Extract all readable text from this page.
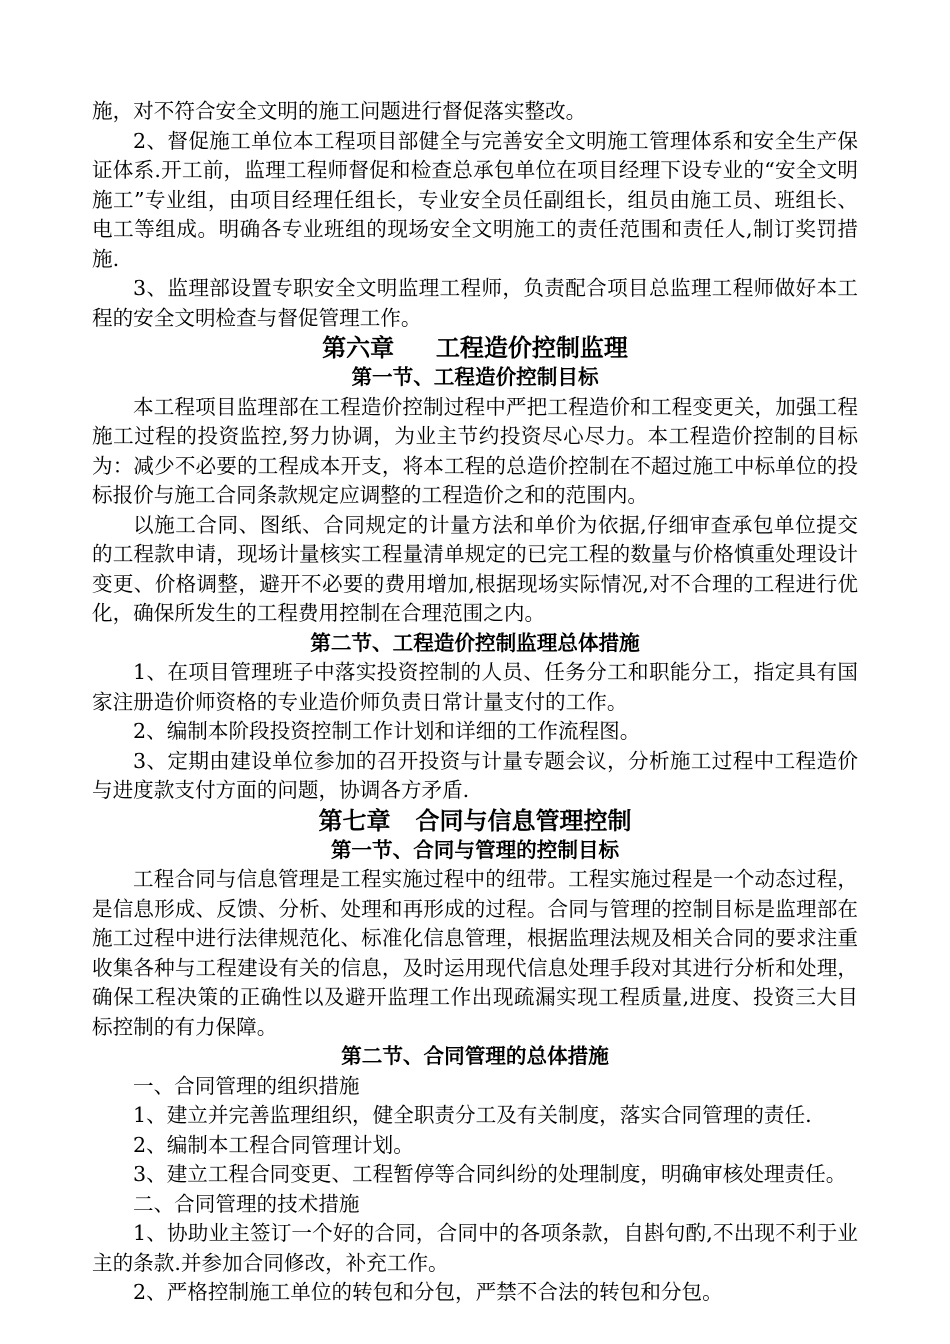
施，对不符合安全文明的施工问题进行督促落实整改。

2、督促施工单位本工程项目部健全与完善安全文明施工管理体系和安全生产保证体系.开工前，监理工程师督促和检查总承包单位在项目经理下设专业的“安全文明施工”专业组，由项目经理任组长，专业安全员任副组长，组员由施工员、班组长、电工等组成。明确各专业班组的现场安全文明施工的责任范围和责任人,制订奖罚措施.

3、监理部设置专职安全文明监理工程师，负责配合项目总监理工程师做好本工程的安全文明检查与督促管理工作。

第六章     工程造价控制监理
第一节、工程造价控制目标

本工程项目监理部在工程造价控制过程中严把工程造价和工程变更关，加强工程施工过程的投资监控,努力协调，为业主节约投资尽心尽力。本工程造价控制的目标为：减少不必要的工程成本开支，将本工程的总造价控制在不超过施工中标单位的投标报价与施工合同条款规定应调整的工程造价之和的范围内。

以施工合同、图纸、合同规定的计量方法和单价为依据,仔细审查承包单位提交的工程款申请，现场计量核实工程量清单规定的已完工程的数量与价格慎重处理设计变更、价格调整，避开不必要的费用增加,根据现场实际情况,对不合理的工程进行优化，确保所发生的工程费用控制在合理范围之内。

第二节、工程造价控制监理总体措施

1、在项目管理班子中落实投资控制的人员、任务分工和职能分工，指定具有国家注册造价师资格的专业造价师负责日常计量支付的工作。

2、编制本阶段投资控制工作计划和详细的工作流程图。

3、定期由建设单位参加的召开投资与计量专题会议，分析施工过程中工程造价与进度款支付方面的问题，协调各方矛盾.

第七章   合同与信息管理控制
第一节、合同与管理的控制目标

工程合同与信息管理是工程实施过程中的纽带。工程实施过程是一个动态过程，是信息形成、反馈、分析、处理和再形成的过程。合同与管理的控制目标是监理部在施工过程中进行法律规范化、标准化信息管理，根据监理法规及相关合同的要求注重收集各种与工程建设有关的信息，及时运用现代信息处理手段对其进行分析和处理，确保工程决策的正确性以及避开监理工作出现疏漏实现工程质量,进度、投资三大目标控制的有力保障。

第二节、合同管理的总体措施

一、合同管理的组织措施

1、建立并完善监理组织，健全职责分工及有关制度，落实合同管理的责任.

2、编制本工程合同管理计划。

3、建立工程合同变更、工程暂停等合同纠纷的处理制度，明确审核处理责任。

二、合同管理的技术措施

1、协助业主签订一个好的合同，合同中的各项条款，自斟句酌,不出现不利于业主的条款.并参加合同修改，补充工作。

2、严格控制施工单位的转包和分包，严禁不合法的转包和分包。
